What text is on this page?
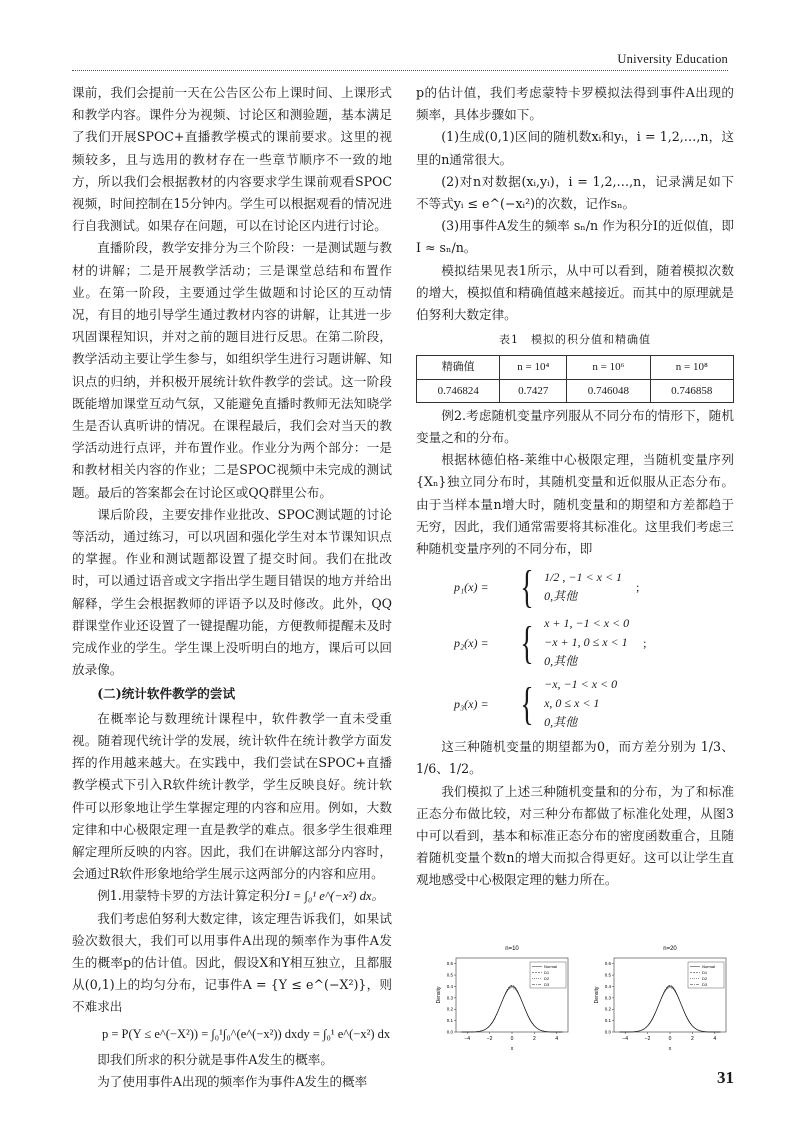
University Education

课前，我们会提前一天在公告区公布上课时间、上课形式和教学内容。课件分为视频、讨论区和测验题，基本满足了我们开展SPOC+直播教学模式的课前要求。这里的视频较多，且与选用的教材存在一些章节顺序不一致的地方，所以我们会根据教材的内容要求学生课前观看SPOC视频，时间控制在15分钟内。学生可以根据观看的情况进行自我测试。如果存在问题，可以在讨论区内进行讨论。

直播阶段，教学安排分为三个阶段：一是测试题与教材的讲解；二是开展教学活动；三是课堂总结和布置作业。在第一阶段，主要通过学生做题和讨论区的互动情况，有目的地引导学生通过教材内容的讲解，让其进一步巩固课程知识，并对之前的题目进行反思。在第二阶段，教学活动主要让学生参与，如组织学生进行习题讲解、知识点的归纳，并积极开展统计软件教学的尝试。这一阶段既能增加课堂互动气氛，又能避免直播时教师无法知晓学生是否认真听讲的情况。在课程最后，我们会对当天的教学活动进行点评，并布置作业。作业分为两个部分：一是和教材相关内容的作业；二是SPOC视频中未完成的测试题。最后的答案都会在讨论区或QQ群里公布。

课后阶段，主要安排作业批改、SPOC测试题的讨论等活动，通过练习，可以巩固和强化学生对本节课知识点的掌握。作业和测试题都设置了提交时间。我们在批改时，可以通过语音或文字指出学生题目错误的地方并给出解释，学生会根据教师的评语予以及时修改。此外，QQ群课堂作业还设置了一键提醒功能，方便教师提醒未及时完成作业的学生。学生课上没听明白的地方，课后可以回放录像。

(二)统计软件教学的尝试

在概率论与数理统计课程中，软件教学一直未受重视。随着现代统计学的发展，统计软件在统计教学方面发挥的作用越来越大。在实践中，我们尝试在SPOC+直播教学模式下引入R软件统计教学，学生反映良好。统计软件可以形象地让学生掌握定理的内容和应用。例如，大数定律和中心极限定理一直是教学的难点。很多学生很难理解定理所反映的内容。因此，我们在讲解这部分内容时，会通过R软件形象地给学生展示这两部分的内容和应用。

例1.用蒙特卡罗的方法计算定积分I = ∫₀¹ e^(−x²) dx。

我们考虑伯努利大数定律，该定理告诉我们，如果试验次数很大，我们可以用事件A出现的频率作为事件A发生的概率p的估计值。因此，假设X和Y相互独立，且都服从(0,1)上的均匀分布，记事件A = {Y ≤ e^(−X²)}，则不难求出

p = P(Y ≤ e^(−X²)) = ∫₀¹∫₀^(e^(−x²)) dxdy = ∫₀¹ e^(−x²) dx

即我们所求的积分就是事件A发生的概率。

为了使用事件A出现的频率作为事件A发生的概率

p的估计值，我们考虑蒙特卡罗模拟法得到事件A出现的频率，具体步骤如下。

(1)生成(0,1)区间的随机数xᵢ和yᵢ，i = 1,2,…,n，这里的n通常很大。

(2)对n对数据(xᵢ,yᵢ)，i = 1,2,…,n，记录满足如下不等式yᵢ ≤ e^(−xᵢ²)的次数，记作sₙ。

(3)用事件A发生的频率 sₙ/n 作为积分I的近似值，即 I ≈ sₙ/n。

模拟结果见表1所示，从中可以看到，随着模拟次数的增大，模拟值和精确值越来越接近。而其中的原理就是伯努利大数定律。

表1　模拟的积分值和精确值
精确值	n = 10⁴	n = 10⁶	n = 10⁸
0.746824	0.7427	0.746048	0.746858

例2.考虑随机变量序列服从不同分布的情形下，随机变量之和的分布。

根据林德伯格-莱维中心极限定理，当随机变量序列{Xₙ}独立同分布时，其随机变量和近似服从正态分布。由于当样本量n增大时，随机变量和的期望和方差都趋于无穷，因此，我们通常需要将其标准化。这里我们考虑三种随机变量序列的不同分布，即

p₁(x) = { 1/2 , −1 < x < 1
0,其他
;
p₂(x) = { x + 1, −1 < x < 0
−x + 1, 0 ≤ x < 1
0,其他
;
p₃(x) = { −x, −1 < x < 0
x, 0 ≤ x < 1
0,其他

这三种随机变量的期望都为0，而方差分别为 1/3、1/6、1/2。

我们模拟了上述三种随机变量和的分布，为了和标准正态分布做比较，对三种分布都做了标准化处理，从图3中可以看到，基本和标准正态分布的密度函数重合，且随着随机变量个数n的增大而拟合得更好。这可以让学生直观地感受中心极限定理的魅力所在。

n=10
0.0
0.1
0.2
0.3
0.4
0.5
0.6
−4	−2	0	2	4
x
Density
Normal
D1
D2
D3
n=20
0.0
0.1
0.2
0.3
0.4
0.5
0.6
−4	−2	0	2	4
x
Density
Normal
D1
D2
D3
31
